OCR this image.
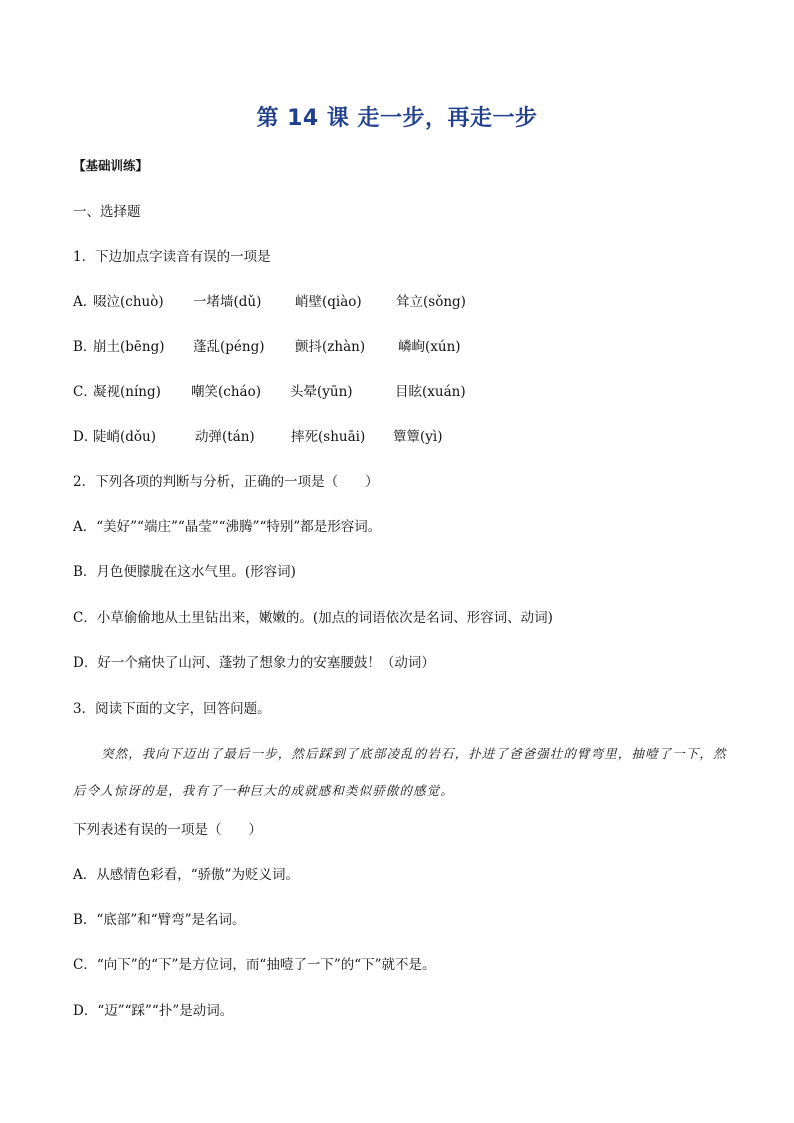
第 14 课 走一步，再走一步
【基础训练】
一、选择题
1．下边加点字读音有误的一项是
A．
啜泣(chuò) 一堵墙(dǔ) 峭壁(qiào)	耸立(sǒng)
B．
崩土(bēng) 蓬乱(péng) 颤抖(zhàn) 嶙峋(xún)
C．
凝视(níng) 嘲笑(cháo) 头晕(yūn)	目眩(xuán)
D．
陡峭(dǒu)	动弹(tán)	摔死(shuāi) 簟簟(yì)
2．下列各项的判断与分析，正确的一项是（　　）
A．“美好”“端庄”“晶莹”“沸腾”“特别”都是形容词。
B．月色便朦胧在这水气里。(形容词)
C．小草偷偷地从土里钻出来，嫩嫩的。(加点的词语依次是名词、形容词、动词)
D．好一个痛快了山河、蓬勃了想象力的安塞腰鼓！（动词）
3．阅读下面的文字，回答问题。
突然，我向下迈出了最后一步，然后踩到了底部凌乱的岩石，扑进了爸爸强壮的臂弯里，抽噎了一下，然后令人惊讶的是，我有了一种巨大的成就感和类似骄傲的感觉。
下列表述有误的一项是（　　）
A．从感情色彩看，“骄傲”为贬义词。
B．“底部”和“臂弯”是名词。
C．“向下”的“下”是方位词，而“抽噎了一下”的“下”就不是。
D．“迈”“踩”“扑”是动词。
